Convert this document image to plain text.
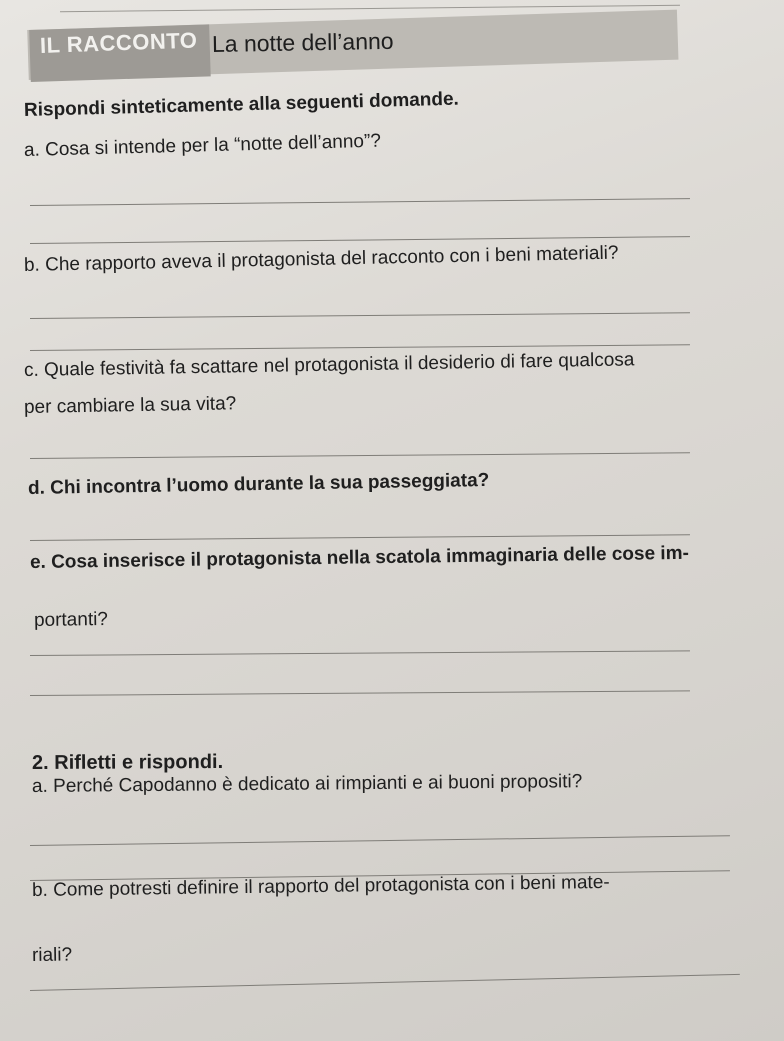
IL RACCONTO La notte dell’anno
Rispondi sinteticamente alla seguenti domande.
a. Cosa si intende per la “notte dell’anno”?
b. Che rapporto aveva il protagonista del racconto con i beni materiali?
c. Quale festività fa scattare nel protagonista il desiderio di fare qualcosa
per cambiare la sua vita?
d. Chi incontra l’uomo durante la sua passeggiata?
e. Cosa inserisce il protagonista nella scatola immaginaria delle cose im-
portanti?
2. Rifletti e rispondi.
a. Perché Capodanno è dedicato ai rimpianti e ai buoni propositi?
b. Come potresti definire il rapporto del protagonista con i beni mate-
riali?
